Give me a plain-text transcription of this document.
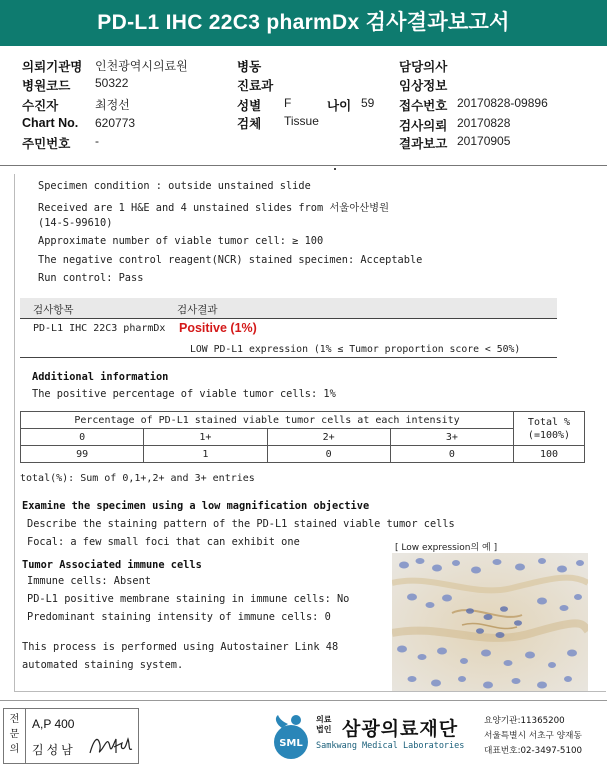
PD-L1 IHC 22C3 pharmDx 검사결과보고서
의뢰기관명 인천광역시의료원
병원코드 50322
수진자	최정선
Chart No. 620773
주민번호 -
병동
진료과
성별 F	나이 59
검체 Tissue
담당의사
임상정보
접수번호 20170828-09896
검사의뢰 20170828
결과보고 20170905
Specimen condition : outside unstained slide
Received are 1 H&E and 4 unstained slides from 서울아산병원
(14-S-99610)
Approximate number of viable tumor cell: ≥ 100
The negative control reagent(NCR) stained specimen: Acceptable
Run control: Pass
검사항목	검사결과
PD-L1 IHC 22C3 pharmDx Positive (1%)
LOW PD-L1 expression (1% ≤ Tumor proportion score < 50%)
Additional information
The positive percentage of viable tumor cells: 1%
Percentage of PD-L1 stained viable tumor cells at each intensity				Total %
(=100%)
0	1+	2+	3+	
99	1	0	0	100
total(%): Sum of 0,1+,2+ and 3+ entries
Examine the specimen using a low magnification objective
Describe the staining pattern of the PD-L1 stained viable tumor cells
Focal: a few small foci that can exhibit one
Tumor Associated immune cells
Immune cells: Absent
PD-L1 positive membrane staining in immune cells: No
Predominant staining intensity of immune cells: 0
This process is performed using Autostainer Link 48
automated staining system.
[ Low expression의 예 ]
전문의
A,P 400
김성남	SML
의료
법인 삼광의료재단
Samkwang Medical Laboratories
요양기관:11365200
서울특별시 서초구 양재동
대표번호:02-3497-5100
